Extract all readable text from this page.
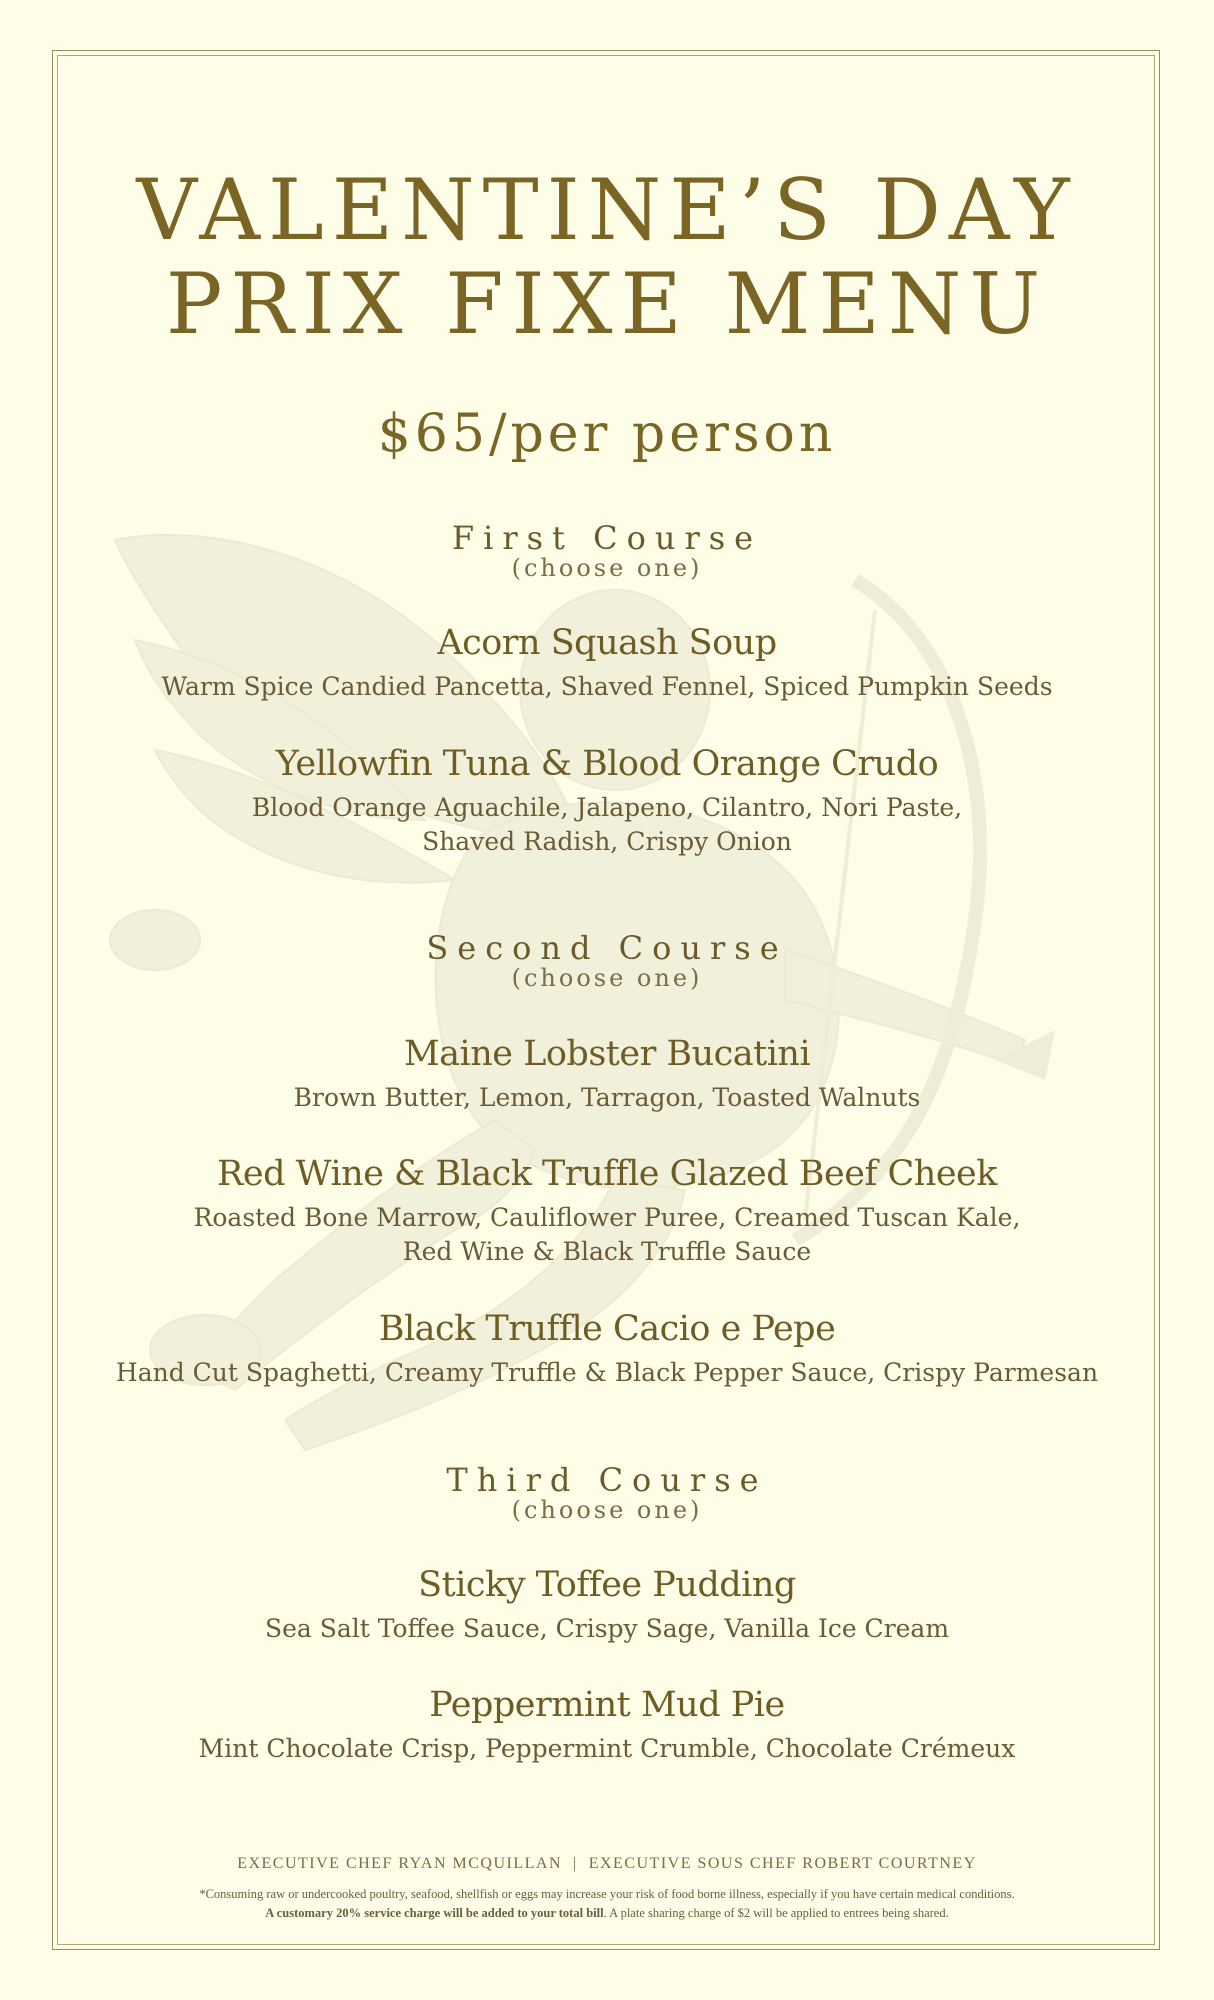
VALENTINE’S DAY
PRIX FIXE MENU
$65/per person
First Course
(choose one)
Acorn Squash Soup
Warm Spice Candied Pancetta, Shaved Fennel, Spiced Pumpkin Seeds
Yellowfin Tuna & Blood Orange Crudo
Blood Orange Aguachile, Jalapeno, Cilantro, Nori Paste,
Shaved Radish, Crispy Onion
Second Course
(choose one)
Maine Lobster Bucatini
Brown Butter, Lemon, Tarragon, Toasted Walnuts
Red Wine & Black Truffle Glazed Beef Cheek
Roasted Bone Marrow, Cauliflower Puree, Creamed Tuscan Kale,
Red Wine & Black Truffle Sauce
Black Truffle Cacio e Pepe
Hand Cut Spaghetti, Creamy Truffle & Black Pepper Sauce, Crispy Parmesan
Third Course
(choose one)
Sticky Toffee Pudding
Sea Salt Toffee Sauce, Crispy Sage, Vanilla Ice Cream
Peppermint Mud Pie
Mint Chocolate Crisp, Peppermint Crumble, Chocolate Crémeux
EXECUTIVE CHEF RYAN MCQUILLAN  |  EXECUTIVE SOUS CHEF ROBERT COURTNEY
*Consuming raw or undercooked poultry, seafood, shellfish or eggs may increase your risk of food borne illness, especially if you have certain medical conditions.
A customary 20% service charge will be added to your total bill. A plate sharing charge of $2 will be applied to entrees being shared.
